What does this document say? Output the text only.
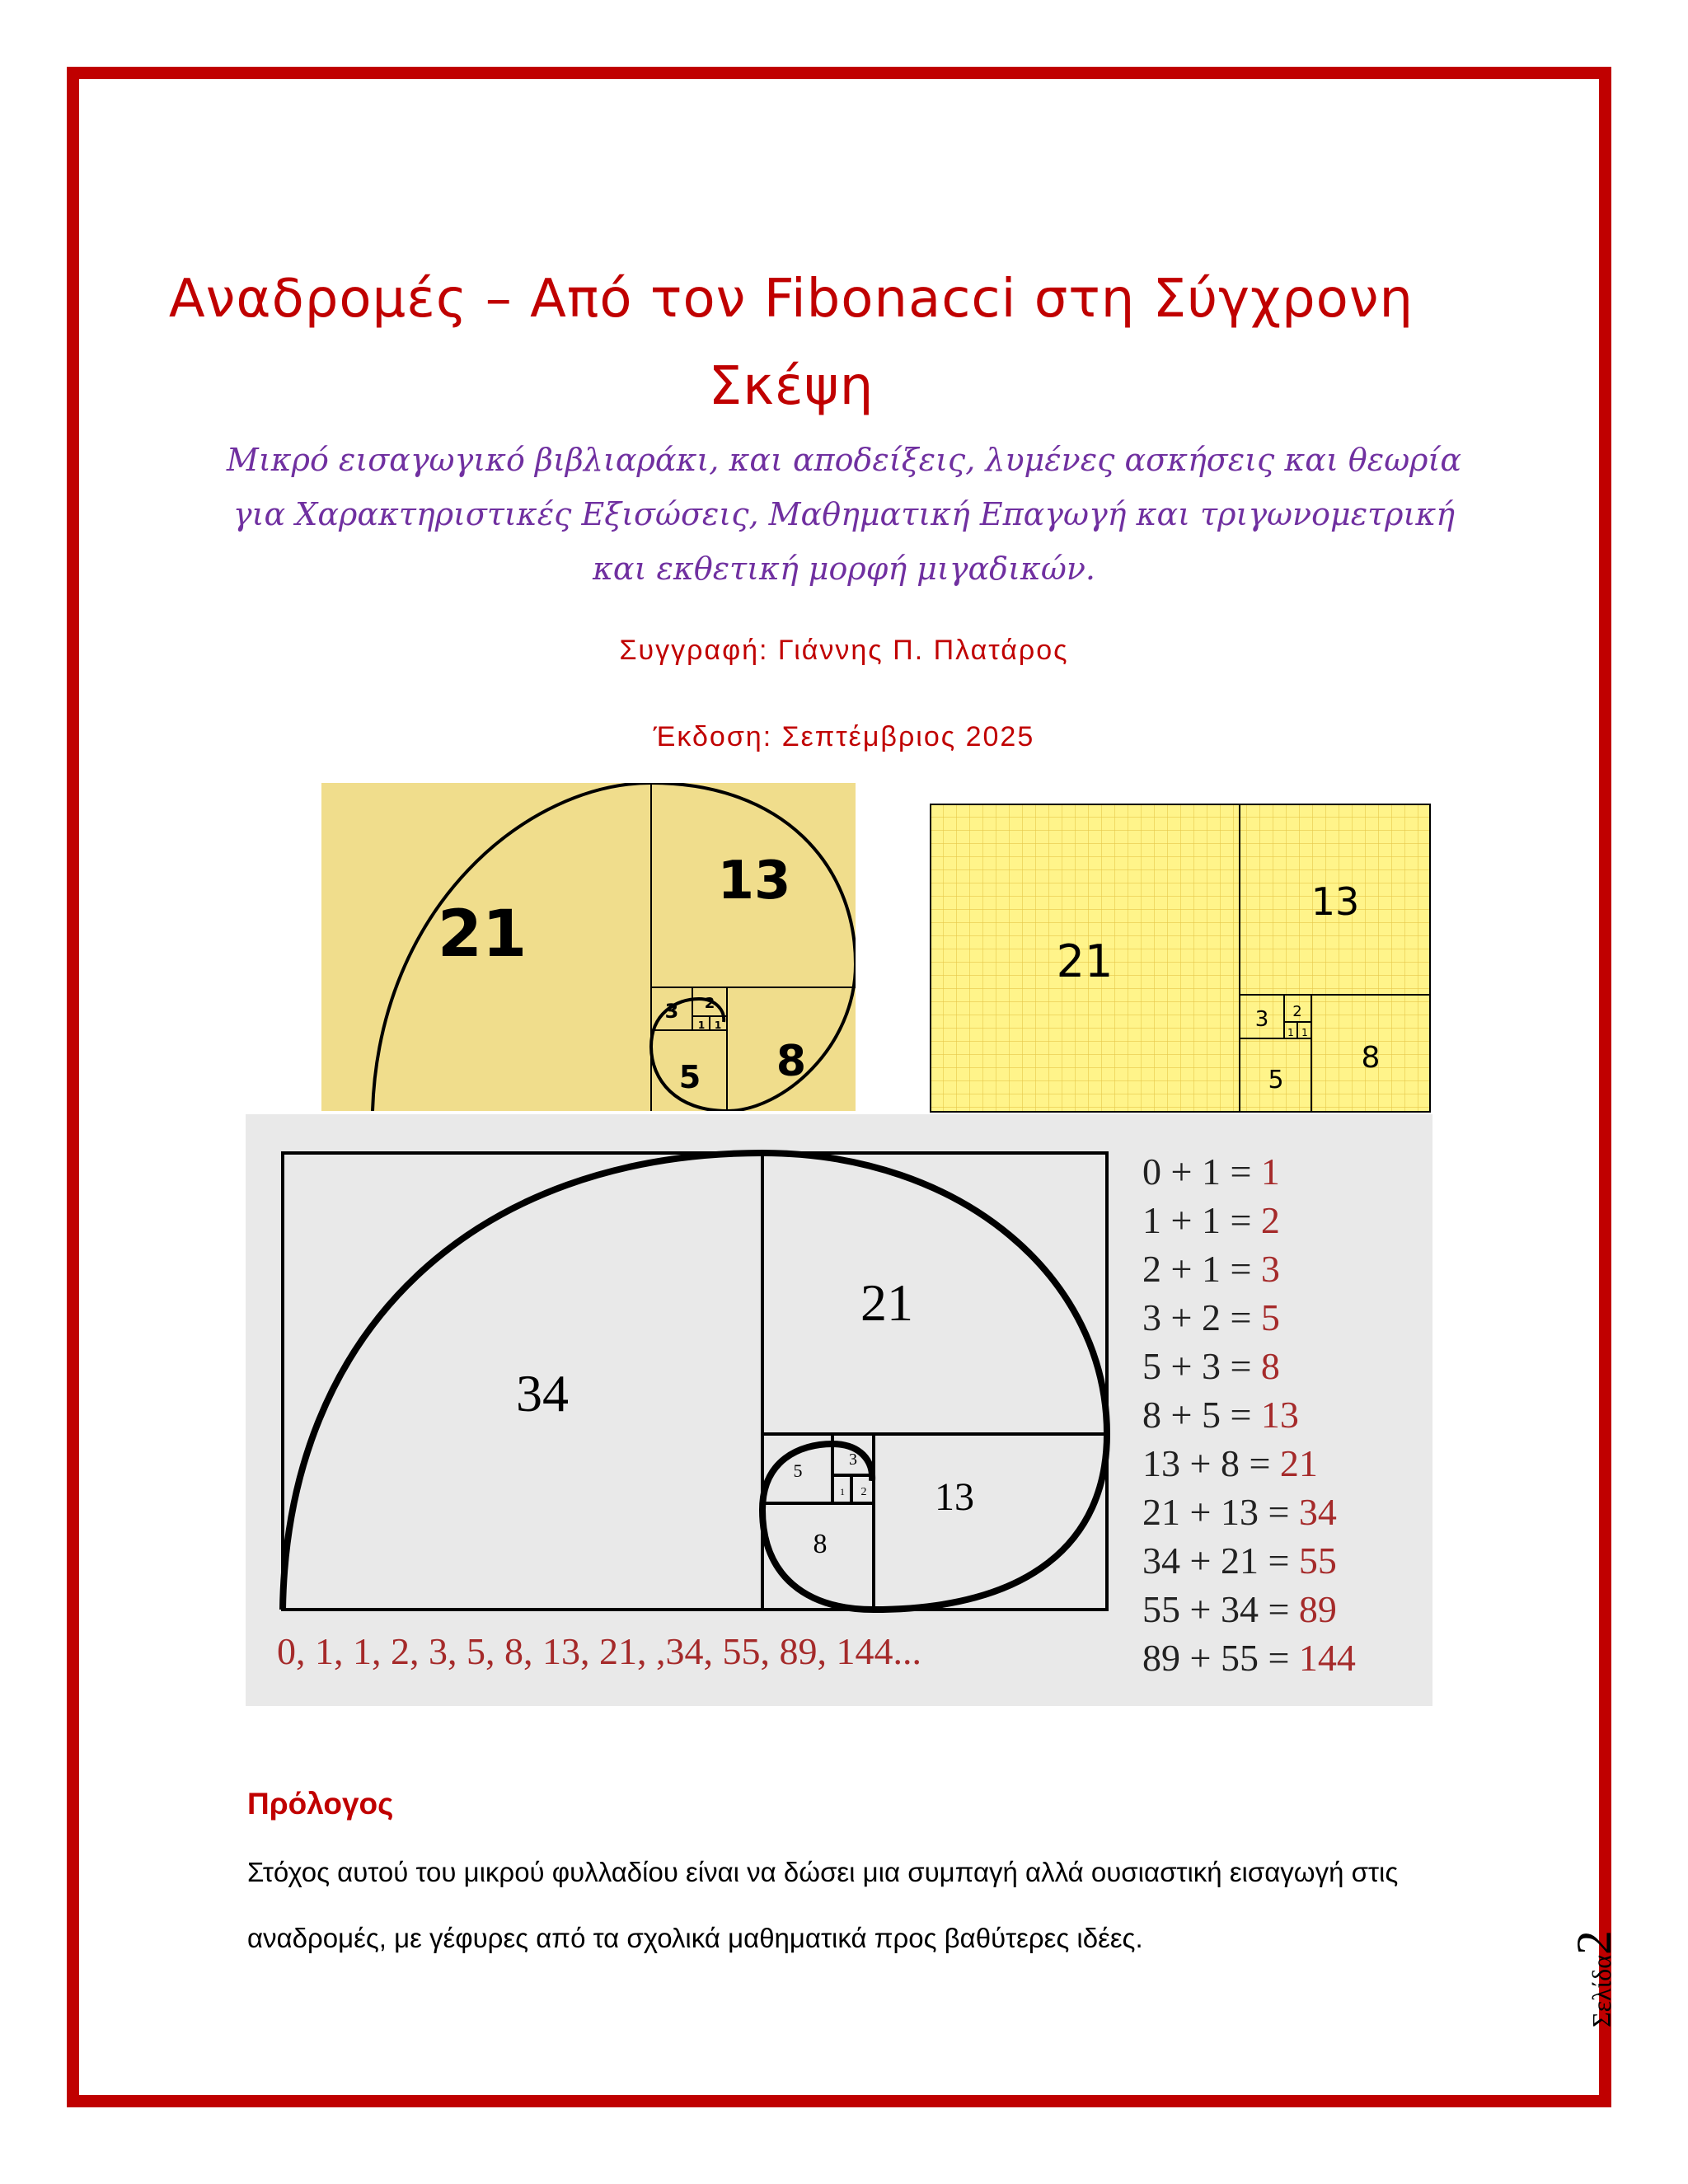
Αναδρομές – Από τον Fibonacci στη Σύγχρονη Σκέψη
Μικρό εισαγωγικό βιβλιαράκι, και αποδείξεις, λυμένες ασκήσεις και θεωρία για Χαρακτηριστικές Εξισώσεις, Μαθηματική Επαγωγή και τριγωνομετρική και εκθετική μορφή μιγαδικών.
Συγγραφή: Γιάννης Π. Πλατάρος
Έκδοση: Σεπτέμβριος 2025
21
13
8
5
3 2
1 1
21
13
8
5
3 2
1 1
34
21
13
8
5
3
2
1
0, 1, 1, 2, 3, 5, 8, 13, 21, ,34, 55, 89, 144...
0 + 1 = 1
1 + 1 = 2
2 + 1 = 3
3 + 2 = 5
5 + 3 = 8
8 + 5 = 13
13 + 8 = 21
21 + 13 = 34
34 + 21 = 55
55 + 34 = 89
89 + 55 = 144
Πρόλογος
Στόχος αυτού του μικρού φυλλαδίου είναι να δώσει μια συμπαγή αλλά ουσιαστική εισαγωγή στις αναδρομές, με γέφυρες από τα σχολικά μαθηματικά προς βαθύτερες ιδέες.
Σελίδα2
